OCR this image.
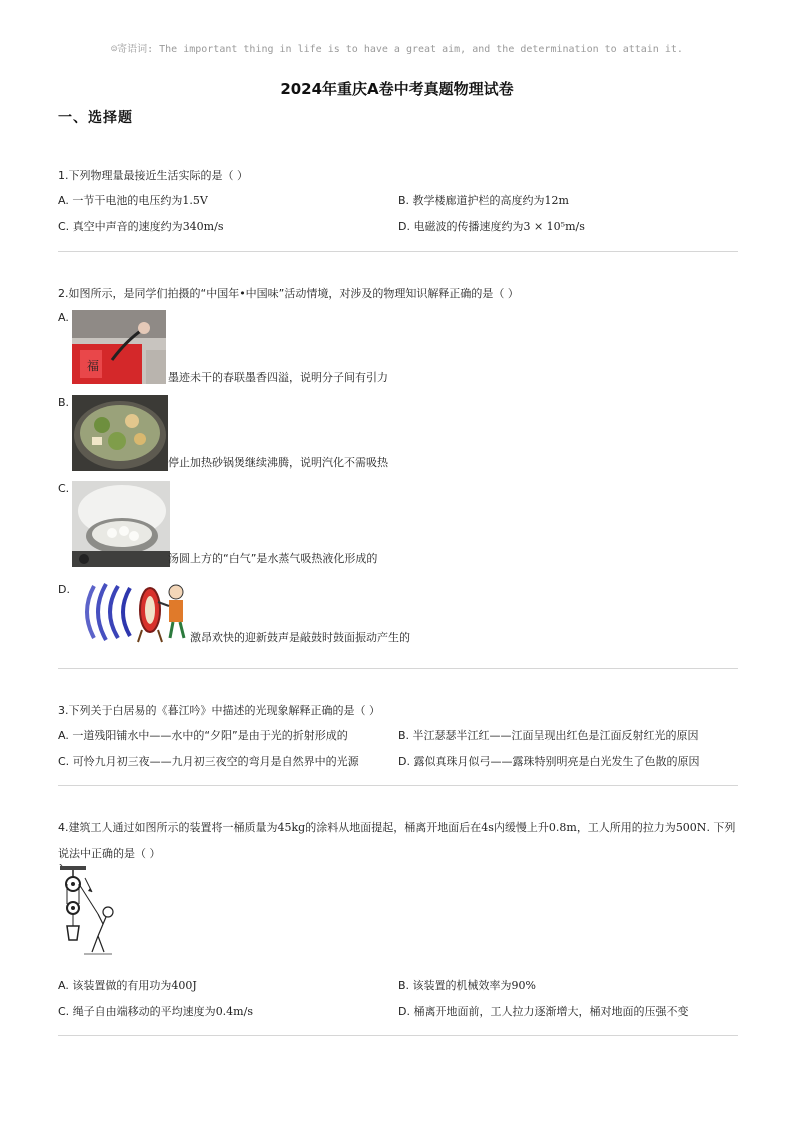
☺寄语词: The important thing in life is to have a great aim, and the determination to attain it.
2024年重庆A卷中考真题物理试卷
一、选择题

1.下列物理量最接近生活实际的是（ ）

A. 一节干电池的电压约为1.5V	B. 教学楼廊道护栏的高度约为12m
C. 真空中声音的速度约为340m/s	D. 电磁波的传播速度约为3 × 10⁵m/s

2.如图所示，是同学们拍摄的“中国年•中国味”活动情境，对涉及的物理知识解释正确的是（ ）

A.
福
墨迹未干的春联墨香四溢，说明分子间有引力
B.
停止加热砂锅煲继续沸腾，说明汽化不需吸热
C.
汤圆上方的“白气”是水蒸气吸热液化形成的
D.
激昂欢快的迎新鼓声是敲鼓时鼓面振动产生的

3.下列关于白居易的《暮江吟》中描述的光现象解释正确的是（ ）

A. 一道残阳铺水中——水中的“夕阳”是由于光的折射形成的	B. 半江瑟瑟半江红——江面呈现出红色是江面反射红光的原因
C. 可怜九月初三夜——九月初三夜空的弯月是自然界中的光源	D. 露似真珠月似弓——露珠特别明亮是白光发生了色散的原因

4.建筑工人通过如图所示的装置将一桶质量为45kg的涂料从地面提起，桶离开地面后在4s内缓慢上升0.8m，工人所用的拉力为500N. 下列

说法中正确的是（ ）

A. 该装置做的有用功为400J	B. 该装置的机械效率为90%
C. 绳子自由端移动的平均速度为0.4m/s	D. 桶离开地面前，工人拉力逐渐增大，桶对地面的压强不变
